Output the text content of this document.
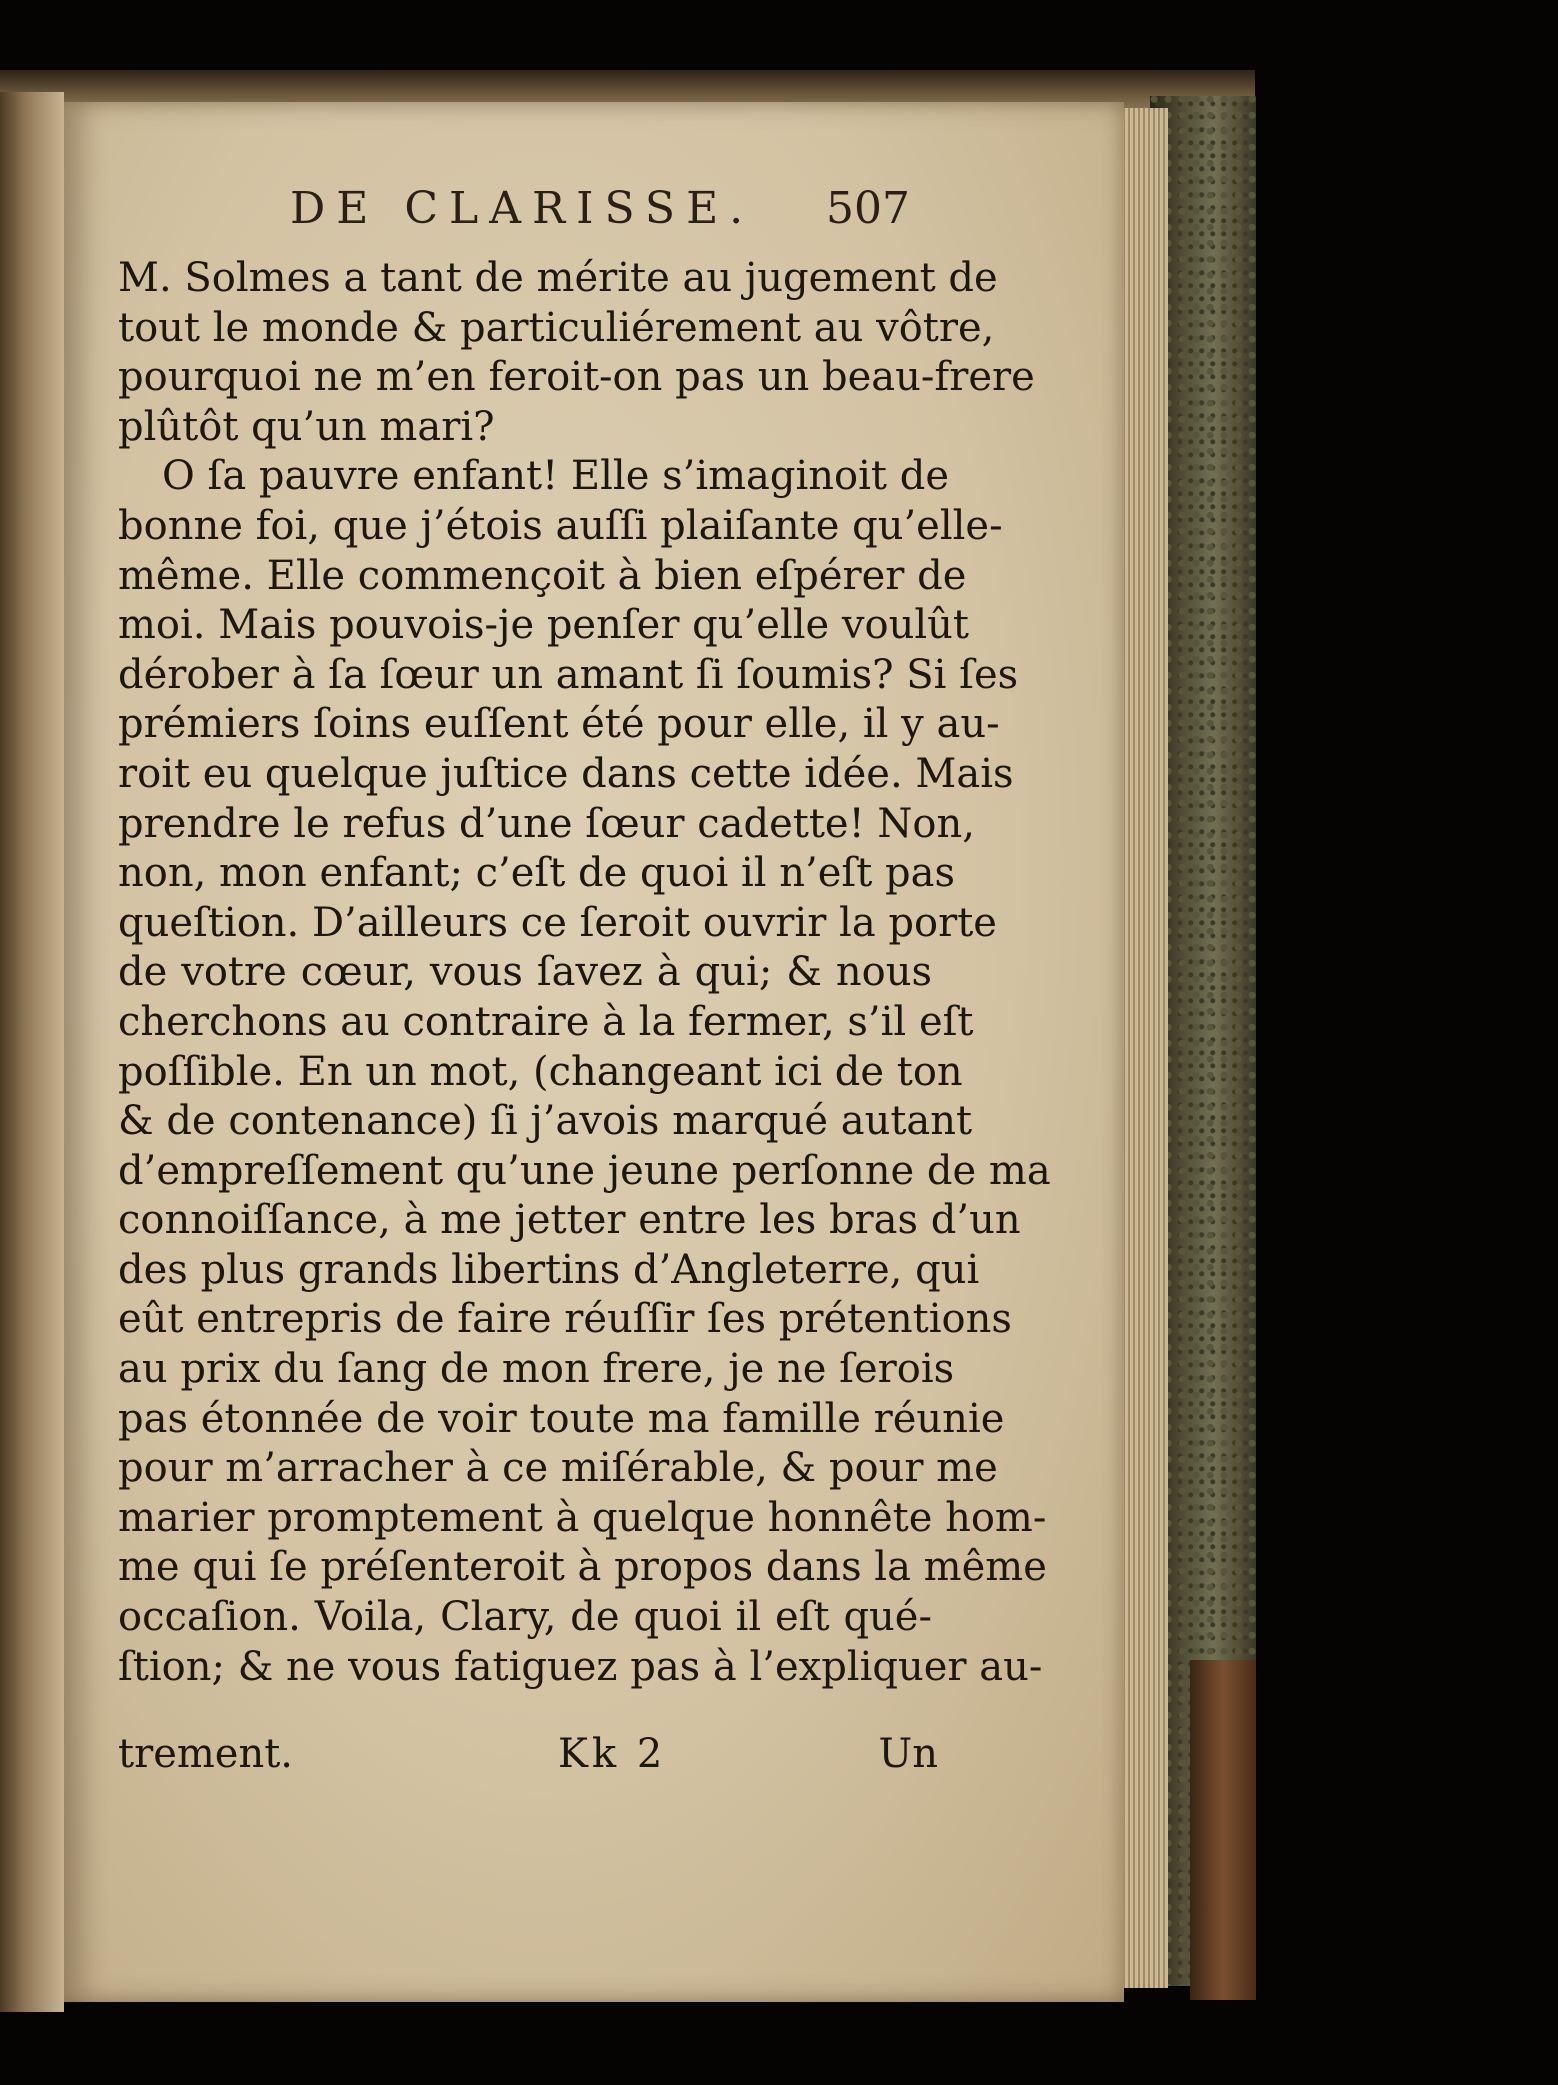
DE CLARISSE. 507
M. Solmes a tant de mérite au jugement de
tout le monde & particuliérement au vôtre,
pourquoi ne m’en feroit-on pas un beau-frere
plûtôt qu’un mari?
O ſa pauvre enfant! Elle s’imaginoit de
bonne foi, que j’étois auſſi plaiſante qu’elle-
même. Elle commençoit à bien eſpérer de
moi. Mais pouvois-je penſer qu’elle voulût
dérober à ſa ſœur un amant ſi ſoumis? Si ſes
prémiers ſoins euſſent été pour elle, il y au-
roit eu quelque juſtice dans cette idée. Mais
prendre le refus d’une ſœur cadette! Non,
non, mon enfant; c’eſt de quoi il n’eſt pas
queſtion. D’ailleurs ce ſeroit ouvrir la porte
de votre cœur, vous ſavez à qui; & nous
cherchons au contraire à la fermer, s’il eſt
poſſible. En un mot, (changeant ici de ton
& de contenance) ſi j’avois marqué autant
d’empreſſement qu’une jeune perſonne de ma
connoiſſance, à me jetter entre les bras d’un
des plus grands libertins d’Angleterre, qui
eût entrepris de faire réuſſir ſes prétentions
au prix du ſang de mon frere, je ne ſerois
pas étonnée de voir toute ma famille réunie
pour m’arracher à ce miſérable, & pour me
marier promptement à quelque honnête hom-
me qui ſe préſenteroit à propos dans la même
occaſion. Voila, Clary, de quoi il eſt qué-
ſtion; & ne vous fatiguez pas à l’expliquer au-
trement.	Kk 2	Un
